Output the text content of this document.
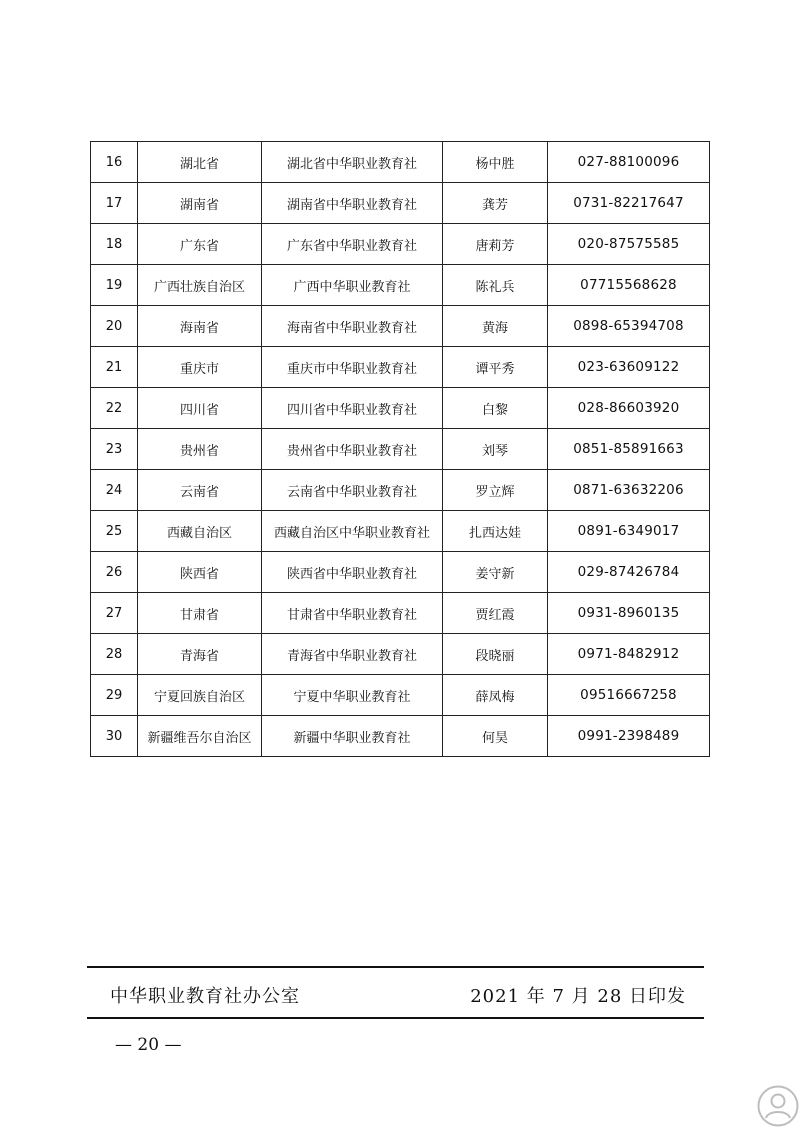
16	湖北省	湖北省中华职业教育社	杨中胜	027-88100096
17	湖南省	湖南省中华职业教育社	龚芳	0731-82217647
18	广东省	广东省中华职业教育社	唐莉芳	020-87575585
19	广西壮族自治区	广西中华职业教育社	陈礼兵	07715568628
20	海南省	海南省中华职业教育社	黄海	0898-65394708
21	重庆市	重庆市中华职业教育社	谭平秀	023-63609122
22	四川省	四川省中华职业教育社	白黎	028-86603920
23	贵州省	贵州省中华职业教育社	刘琴	0851-85891663
24	云南省	云南省中华职业教育社	罗立辉	0871-63632206
25	西藏自治区	西藏自治区中华职业教育社	扎西达娃	0891-6349017
26	陕西省	陕西省中华职业教育社	姜守新	029-87426784
27	甘肃省	甘肃省中华职业教育社	贾红霞	0931-8960135
28	青海省	青海省中华职业教育社	段晓丽	0971-8482912
29	宁夏回族自治区	宁夏中华职业教育社	薛凤梅	09516667258
30	新疆维吾尔自治区	新疆中华职业教育社	何昊	0991-2398489
中华职业教育社办公室	2021 年 7 月 28 日印发
— 20 —
